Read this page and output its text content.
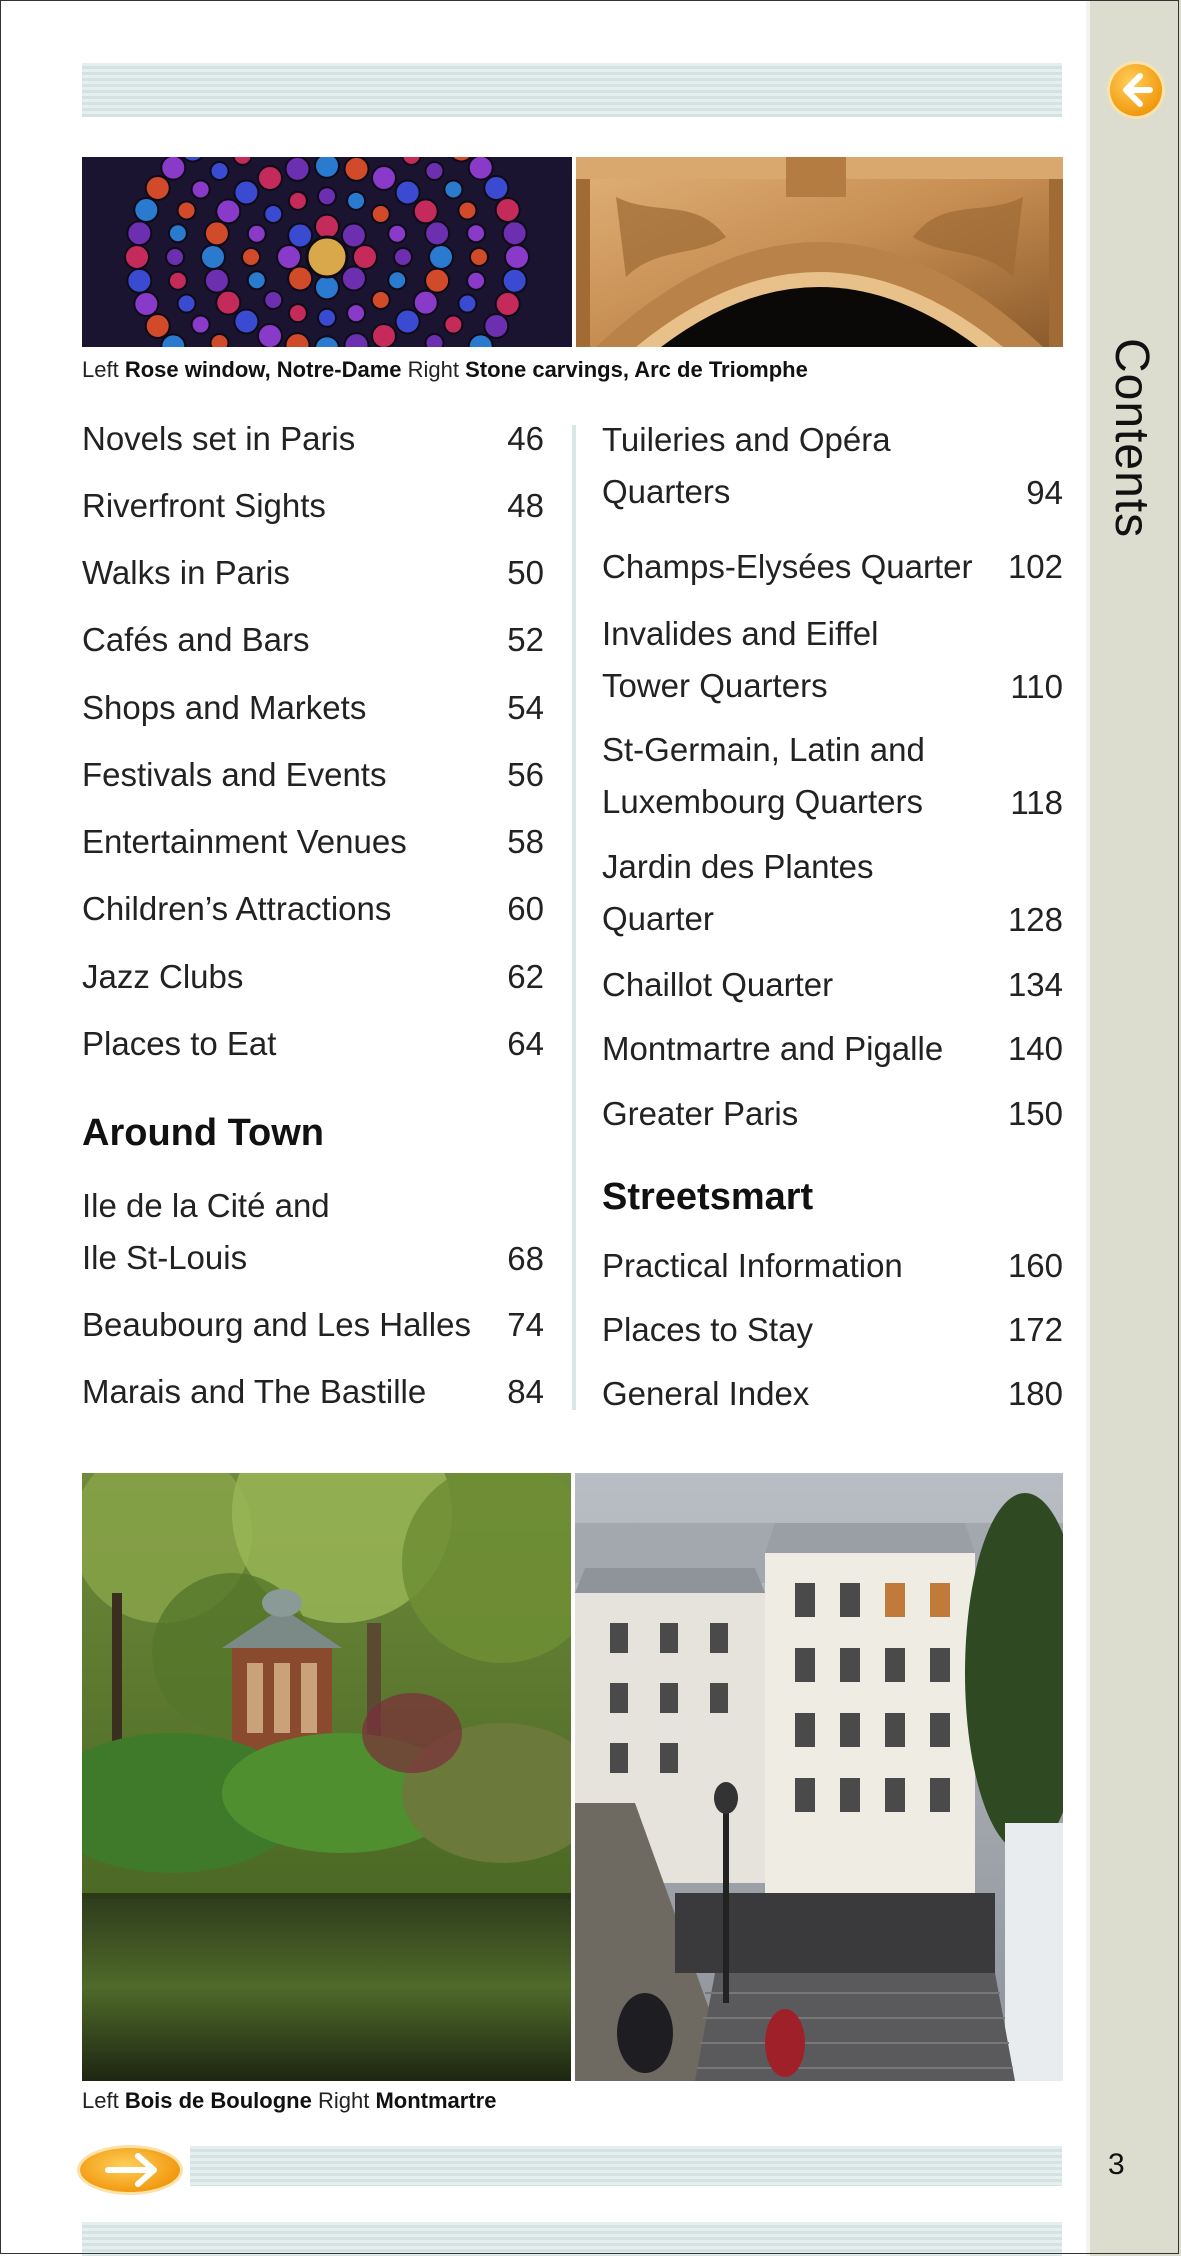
Contents
Left Rose window, Notre-Dame Right Stone carvings, Arc de Triomphe
Novels set in Paris	46
Riverfront Sights	48
Walks in Paris	50
Cafés and Bars	52
Shops and Markets	54
Festivals and Events	56
Entertainment Venues	58
Children’s Attractions	60
Jazz Clubs	62
Places to Eat	64
Around Town
Ile de la Cité and
Ile St-Louis	68
Beaubourg and Les Halles	74
Marais and The Bastille	84
Tuileries and Opéra
Quarters	94
Champs-Elysées Quarter	102
Invalides and Eiffel
Tower Quarters	110
St-Germain, Latin and
Luxembourg Quarters	118
Jardin des Plantes
Quarter	128
Chaillot Quarter	134
Montmartre and Pigalle	140
Greater Paris	150
Streetsmart
Practical Information	160
Places to Stay	172
General Index	180
Left Bois de Boulogne Right Montmartre
3
